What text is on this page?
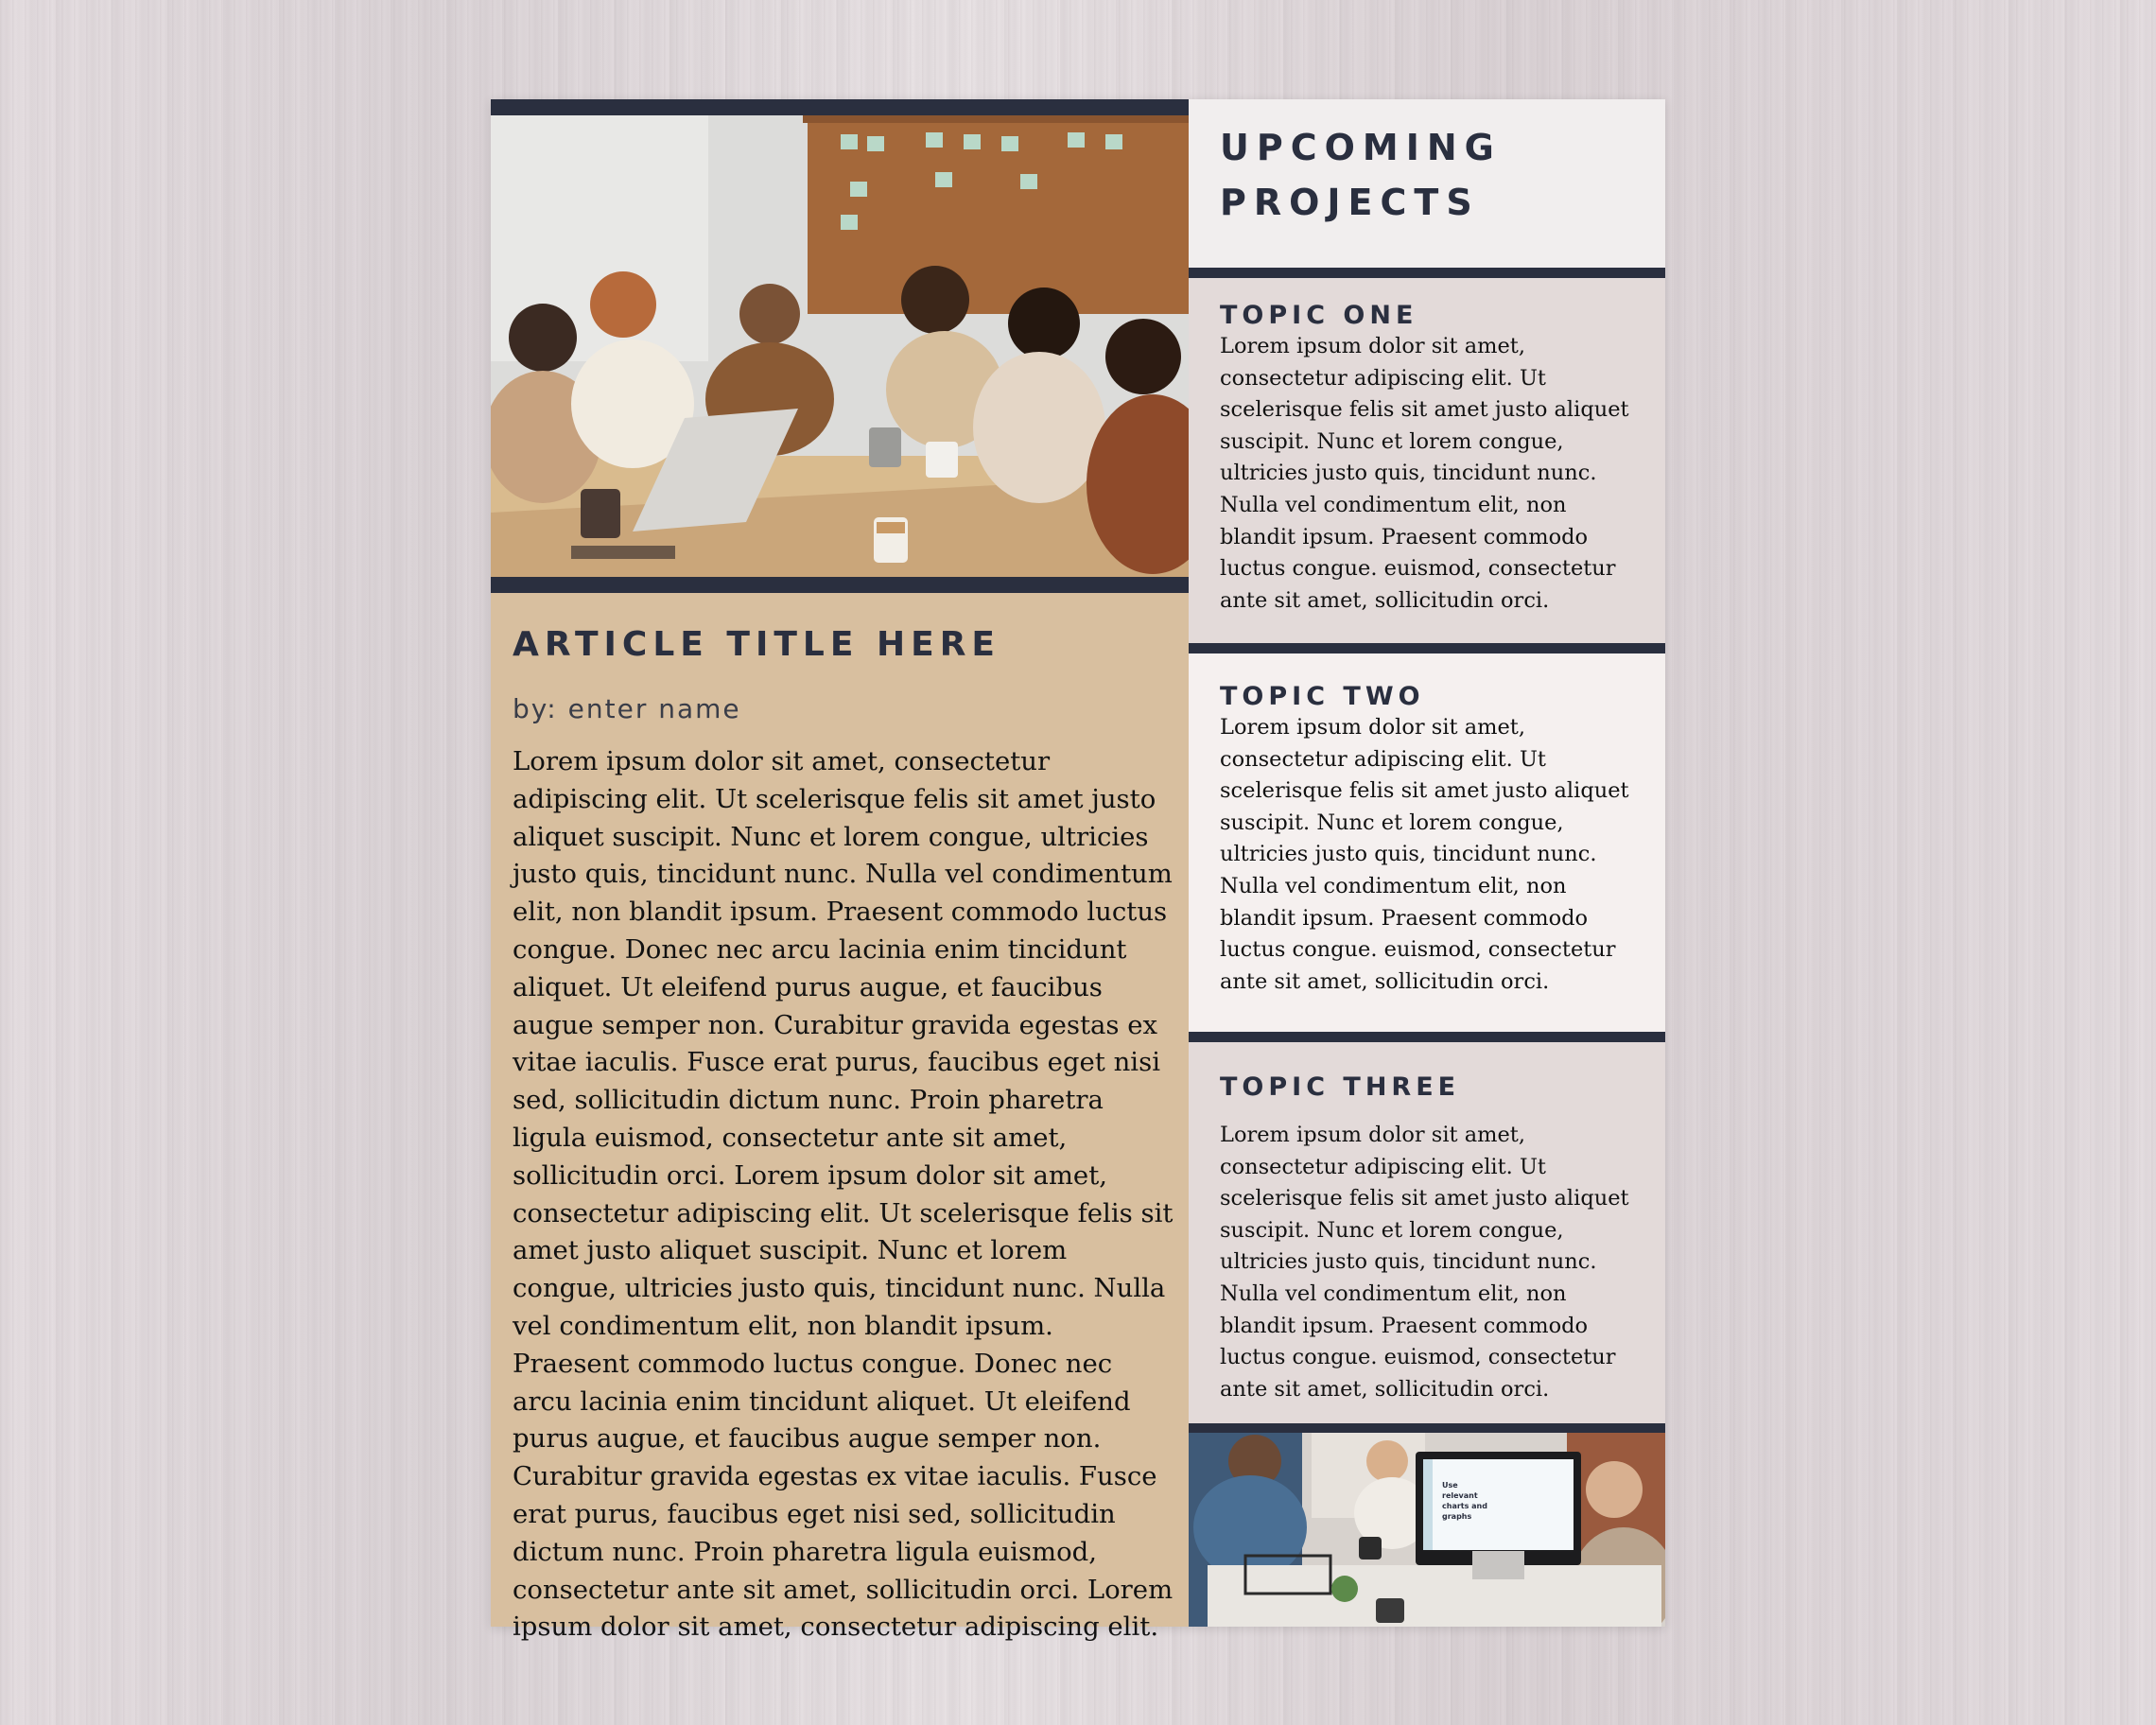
ARTICLE TITLE HERE
by: enter name
Lorem ipsum dolor sit amet, consectetur adipiscing elit. Ut scelerisque felis sit amet justo aliquet suscipit. Nunc et lorem congue, ultricies justo quis, tincidunt nunc. Nulla vel condimentum elit, non blandit ipsum. Praesent commodo luctus congue. Donec nec arcu lacinia enim tincidunt aliquet. Ut eleifend purus augue, et faucibus augue semper non. Curabitur gravida egestas ex vitae iaculis. Fusce erat purus, faucibus eget nisi sed, sollicitudin dictum nunc. Proin pharetra ligula euismod, consectetur ante sit amet, sollicitudin orci. Lorem ipsum dolor sit amet, consectetur adipiscing elit. Ut scelerisque felis sit amet justo aliquet suscipit. Nunc et lorem congue, ultricies justo quis, tincidunt nunc. Nulla vel condimentum elit, non blandit ipsum. Praesent commodo luctus congue. Donec nec arcu lacinia enim tincidunt aliquet. Ut eleifend purus augue, et faucibus augue semper non. Curabitur gravida egestas ex vitae iaculis. Fusce erat purus, faucibus eget nisi sed, sollicitudin dictum nunc. Proin pharetra ligula euismod, consectetur ante sit amet, sollicitudin orci. Lorem ipsum dolor sit amet, consectetur adipiscing elit.
UPCOMING PROJECTS
TOPIC ONE
Lorem ipsum dolor sit amet, consectetur adipiscing elit. Ut scelerisque felis sit amet justo aliquet suscipit. Nunc et lorem congue, ultricies justo quis, tincidunt nunc. Nulla vel condimentum elit, non blandit ipsum. Praesent commodo luctus congue. euismod, consectetur ante sit amet, sollicitudin orci.
TOPIC TWO
Lorem ipsum dolor sit amet, consectetur adipiscing elit. Ut scelerisque felis sit amet justo aliquet suscipit. Nunc et lorem congue, ultricies justo quis, tincidunt nunc. Nulla vel condimentum elit, non blandit ipsum. Praesent commodo luctus congue. euismod, consectetur ante sit amet, sollicitudin orci.
TOPIC THREE
Lorem ipsum dolor sit amet, consectetur adipiscing elit. Ut scelerisque felis sit amet justo aliquet suscipit. Nunc et lorem congue, ultricies justo quis, tincidunt nunc. Nulla vel condimentum elit, non blandit ipsum. Praesent commodo luctus congue. euismod, consectetur ante sit amet, sollicitudin orci.
Use relevant charts and graphs
